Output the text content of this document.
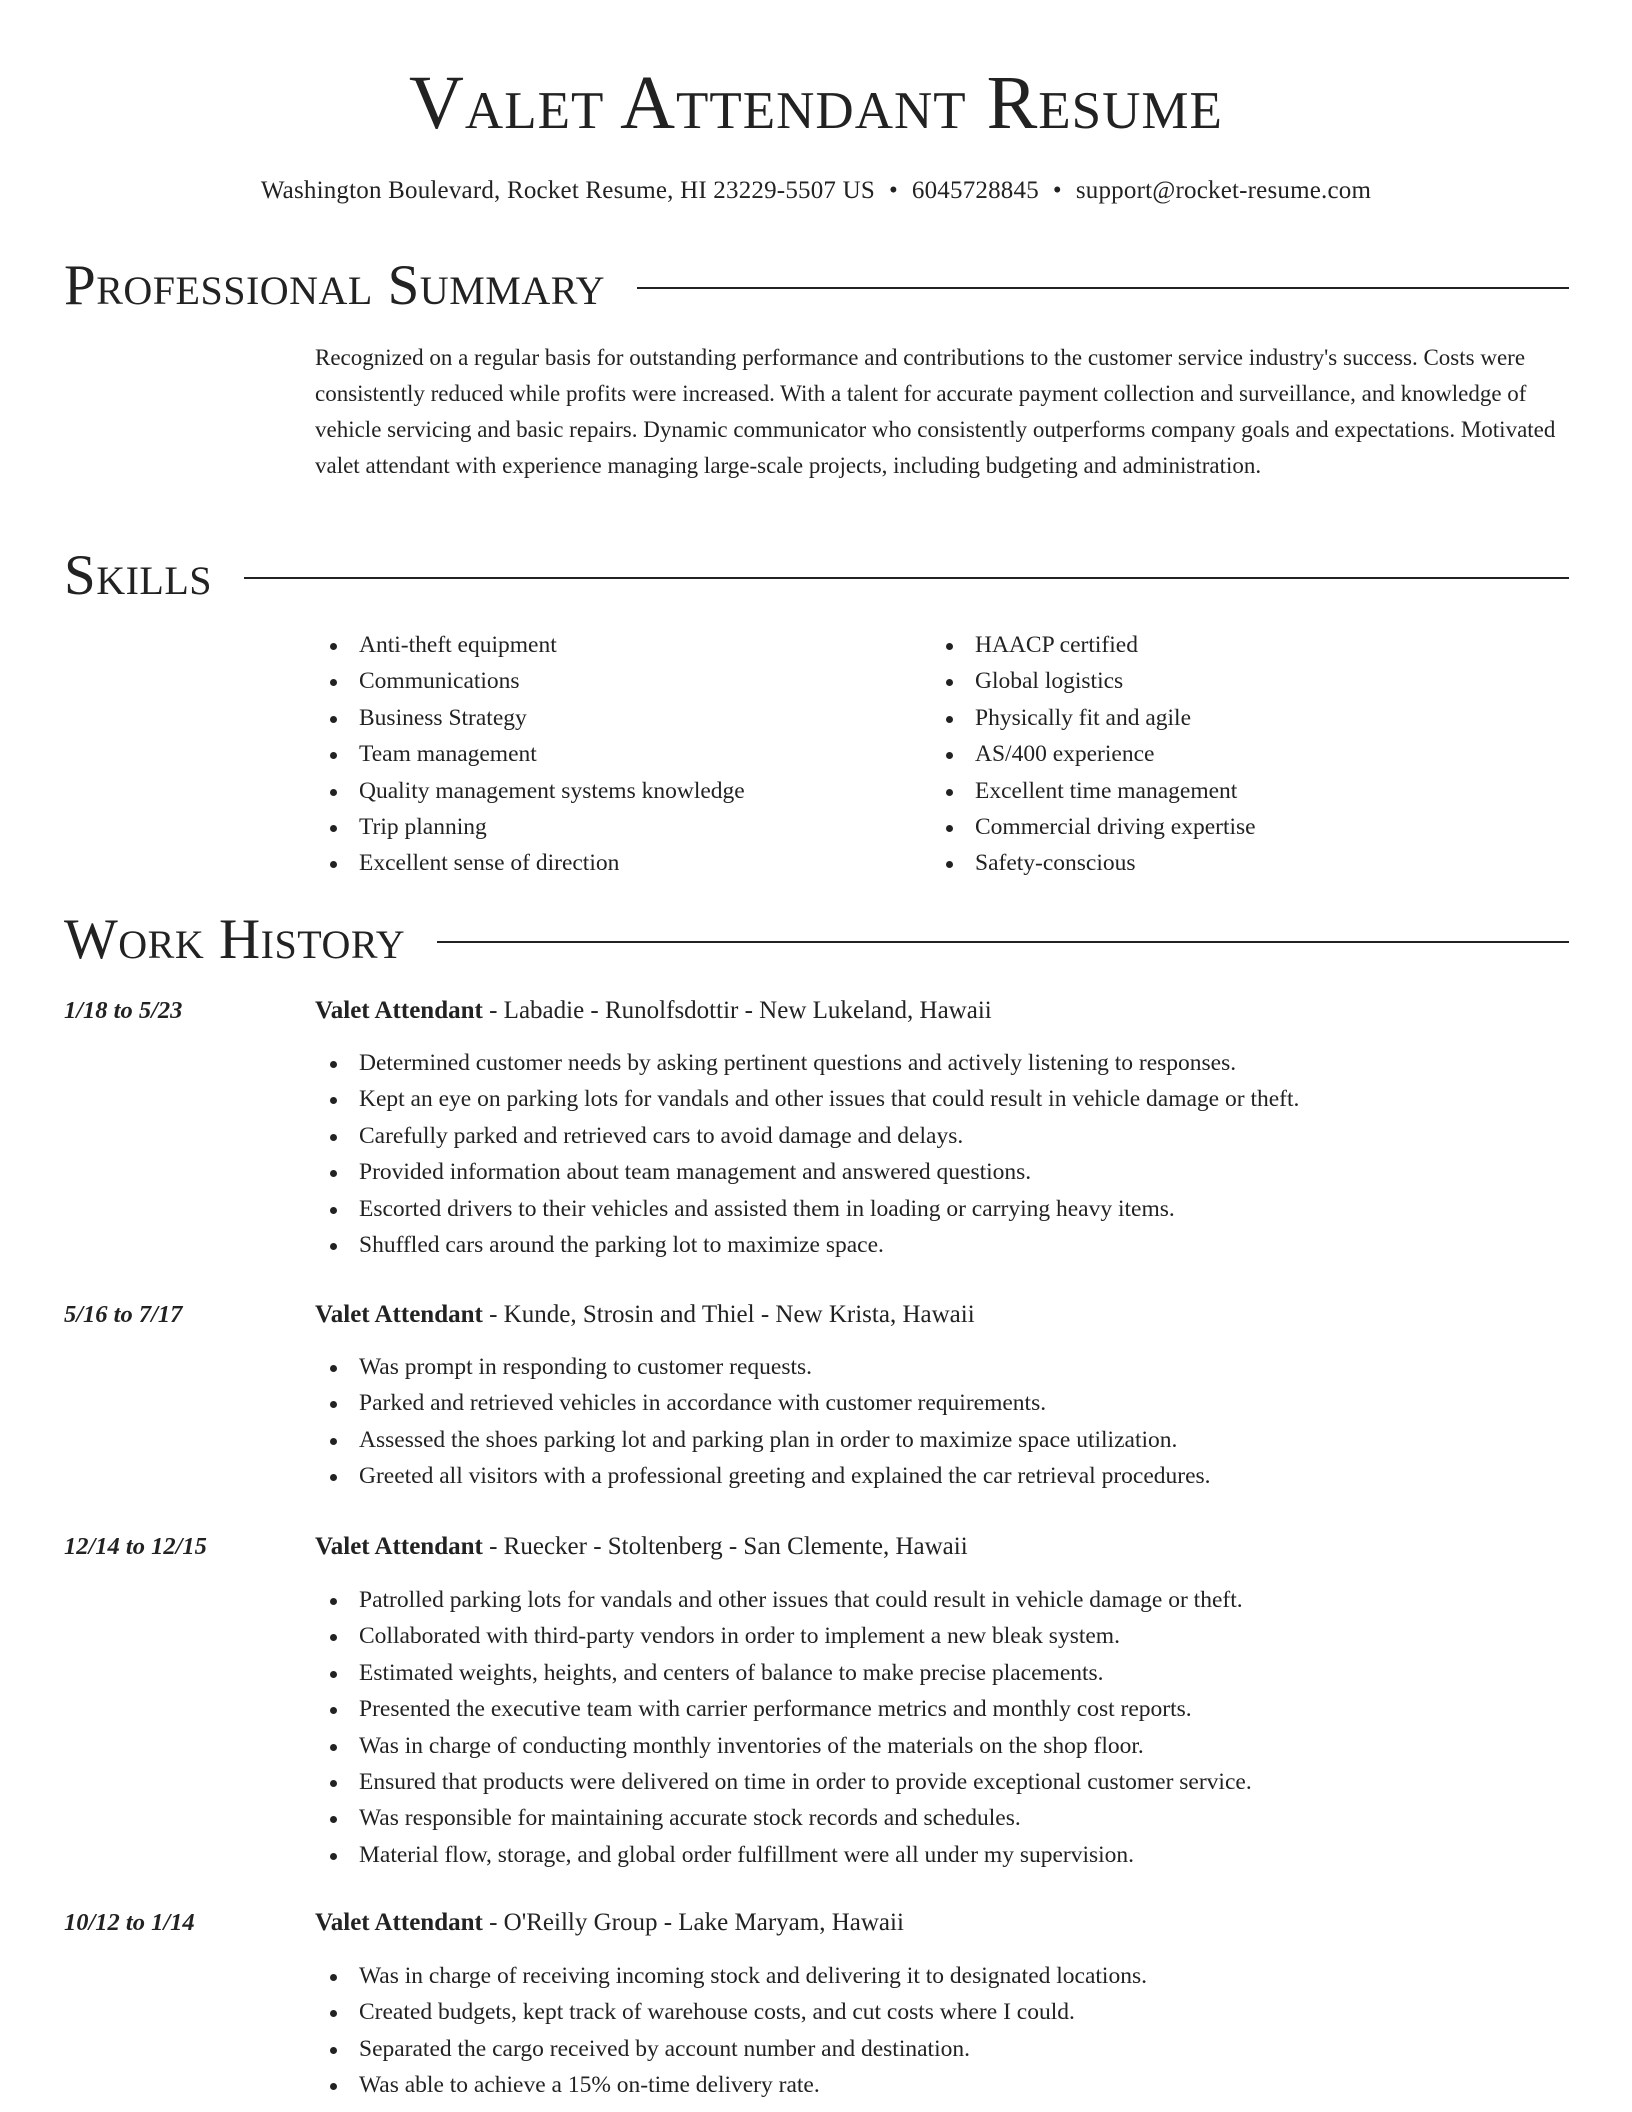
Valet Attendant Resume
Washington Boulevard, Rocket Resume, HI 23229-5507 US • 6045728845 • support@rocket-resume.com
Professional Summary

Recognized on a regular basis for outstanding performance and contributions to the customer service industry's success. Costs were consistently reduced while profits were increased. With a talent for accurate payment collection and surveillance, and knowledge of vehicle servicing and basic repairs. Dynamic communicator who consistently outperforms company goals and expectations. Motivated valet attendant with experience managing large-scale projects, including budgeting and administration.

Skills
Anti-theft equipment
Communications
Business Strategy
Team management
Quality management systems knowledge
Trip planning
Excellent sense of direction
HAACP certified
Global logistics
Physically fit and agile
AS/400 experience
Excellent time management
Commercial driving expertise
Safety-conscious
Work History
1/18 to 5/23	Valet Attendant - Labadie - Runolfsdottir - New Lukeland, Hawaii
Determined customer needs by asking pertinent questions and actively listening to responses.
Kept an eye on parking lots for vandals and other issues that could result in vehicle damage or theft.
Carefully parked and retrieved cars to avoid damage and delays.
Provided information about team management and answered questions.
Escorted drivers to their vehicles and assisted them in loading or carrying heavy items.
Shuffled cars around the parking lot to maximize space.
5/16 to 7/17	Valet Attendant - Kunde, Strosin and Thiel - New Krista, Hawaii
Was prompt in responding to customer requests.
Parked and retrieved vehicles in accordance with customer requirements.
Assessed the shoes parking lot and parking plan in order to maximize space utilization.
Greeted all visitors with a professional greeting and explained the car retrieval procedures.
12/14 to 12/15	Valet Attendant - Ruecker - Stoltenberg - San Clemente, Hawaii
Patrolled parking lots for vandals and other issues that could result in vehicle damage or theft.
Collaborated with third-party vendors in order to implement a new bleak system.
Estimated weights, heights, and centers of balance to make precise placements.
Presented the executive team with carrier performance metrics and monthly cost reports.
Was in charge of conducting monthly inventories of the materials on the shop floor.
Ensured that products were delivered on time in order to provide exceptional customer service.
Was responsible for maintaining accurate stock records and schedules.
Material flow, storage, and global order fulfillment were all under my supervision.
10/12 to 1/14	Valet Attendant - O'Reilly Group - Lake Maryam, Hawaii
Was in charge of receiving incoming stock and delivering it to designated locations.
Created budgets, kept track of warehouse costs, and cut costs where I could.
Separated the cargo received by account number and destination.
Was able to achieve a 15% on-time delivery rate.
